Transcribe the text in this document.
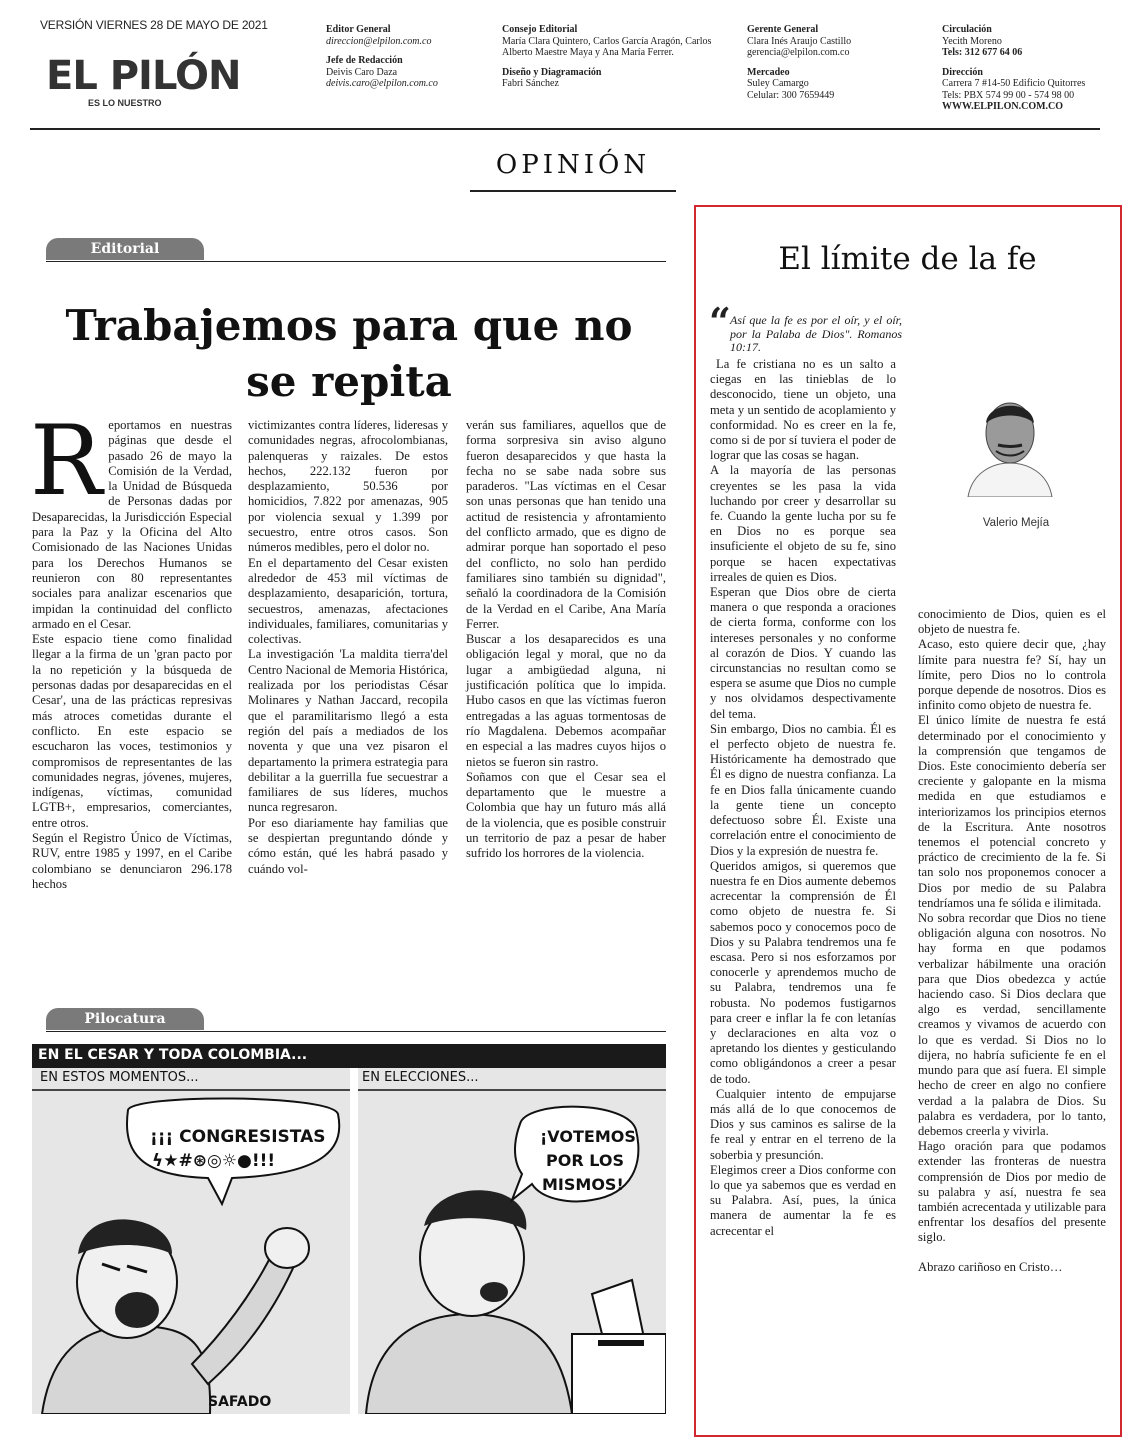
VERSIÓN VIERNES 28 DE MAYO DE 2021
EL PILÓN
ES LO NUESTRO
Editor General
direccion@elpilon.com.co
Jefe de Redacción
Deivis Caro Daza
deivis.caro@elpilon.com.co
Consejo Editorial
María Clara Quintero, Carlos García Aragón, Carlos Alberto Maestre Maya y Ana María Ferrer.
Diseño y Diagramación
Fabri Sánchez
Gerente General
Clara Inés Araujo Castillo
gerencia@elpilon.com.co
Mercadeo
Suley Camargo
Celular: 300 7659449
Circulación
Yecith Moreno
Tels: 312 677 64 06
Dirección
Carrera 7 #14-50 Edificio Quitorres
Tels: PBX 574 99 00 - 574 98 00
WWW.ELPILON.COM.CO
OPINIÓN
Editorial
Trabajemos para que no se repita
R eportamos en nuestras páginas que desde el pasado 26 de mayo la Comisión de la Verdad, la Unidad de Búsqueda de Personas dadas por Desaparecidas, la Jurisdicción Especial para la Paz y la Oficina del Alto Comisionado de las Naciones Unidas para los Derechos Humanos se reunieron con 80 representantes sociales para analizar escenarios que impidan la continuidad del conflicto armado en el Cesar.

Este espacio tiene como finalidad llegar a la firma de un 'gran pacto por la no repetición y la búsqueda de personas dadas por desaparecidas en el Cesar', una de las prácticas represivas más atroces cometidas durante el conflicto. En este espacio se escucharon las voces, testimonios y compromisos de representantes de las comunidades negras, jóvenes, mujeres, indígenas, víctimas, comunidad LGTB+, empresarios, comerciantes, entre otros.

Según el Registro Único de Víctimas, RUV, entre 1985 y 1997, en el Caribe colombiano se denunciaron 296.178 hechos

victimizantes contra líderes, lideresas y comunidades negras, afrocolombianas, palenqueras y raizales. De estos hechos, 222.132 fueron por desplazamiento, 50.536 por homicidios, 7.822 por amenazas, 905 por violencia sexual y 1.399 por secuestro, entre otros casos. Son números medibles, pero el dolor no.

En el departamento del Cesar existen alrededor de 453 mil víctimas de desplazamiento, desaparición, tortura, secuestros, amenazas, afectaciones individuales, familiares, comunitarias y colectivas.

La investigación 'La maldita tierra'del Centro Nacional de Memoria Histórica, realizada por los periodistas César Molinares y Nathan Jaccard, recopila que el paramilitarismo llegó a esta región del país a mediados de los noventa y que una vez pisaron el departamento la primera estrategia para debilitar a la guerrilla fue secuestrar a familiares de sus líderes, muchos nunca regresaron.

Por eso diariamente hay familias que se despiertan preguntando dónde y cómo están, qué les habrá pasado y cuándo vol-

verán sus familiares, aquellos que de forma sorpresiva sin aviso alguno fueron desaparecidos y que hasta la fecha no se sabe nada sobre sus paraderos. "Las víctimas en el Cesar son unas personas que han tenido una actitud de resistencia y afrontamiento del conflicto armado, que es digno de admirar porque han soportado el peso del conflicto, no solo han perdido familiares sino también su dignidad", señaló la coordinadora de la Comisión de la Verdad en el Caribe, Ana María Ferrer.

Buscar a los desaparecidos es una obligación legal y moral, que no da lugar a ambigüedad alguna, ni justificación política que lo impida. Hubo casos en que las víctimas fueron entregadas a las aguas tormentosas de río Magdalena. Debemos acompañar en especial a las madres cuyos hijos o nietos se fueron sin rastro.

Soñamos con que el Cesar sea el departamento que le muestre a Colombia que hay un futuro más allá de la violencia, que es posible construir un territorio de paz a pesar de haber sufrido los horrores de la violencia.

Pilocatura
EN EL CESAR Y TODA COLOMBIA...
EN ESTOS MOMENTOS...	EN ELECCIONES...
¡¡¡ CONGRESISTAS
ϟ★#⊛◎☼●!!!
¡VOTEMOS
POR LOS
MISMOS!
SAFADO
El límite de la fe
“ Así que la fe es por el oír, y el oír, por la Palaba de Dios". Romanos 10:17.
Valerio Mejía

La fe cristiana no es un salto a ciegas en las tinieblas de lo desconocido, tiene un objeto, una meta y un sentido de acoplamiento y conformidad. No es creer en la fe, como si de por sí tuviera el poder de lograr que las cosas se hagan.

A la mayoría de las personas creyentes se les pasa la vida luchando por creer y desarrollar su fe. Cuando la gente lucha por su fe en Dios no es porque sea insuficiente el objeto de su fe, sino porque se hacen expectativas irreales de quien es Dios.

Esperan que Dios obre de cierta manera o que responda a oraciones de cierta forma, conforme con los intereses personales y no conforme al corazón de Dios. Y cuando las circunstancias no resultan como se espera se asume que Dios no cumple y nos olvidamos despectivamente del tema.

Sin embargo, Dios no cambia. Él es el perfecto objeto de nuestra fe. Históricamente ha demostrado que Él es digno de nuestra confianza. La fe en Dios falla únicamente cuando la gente tiene un concepto defectuoso sobre Él. Existe una correlación entre el conocimiento de Dios y la expresión de nuestra fe.

Queridos amigos, si queremos que nuestra fe en Dios aumente debemos acrecentar la comprensión de Él como objeto de nuestra fe. Si sabemos poco y conocemos poco de Dios y su Palabra tendremos una fe escasa. Pero si nos esforzamos por conocerle y aprendemos mucho de su Palabra, tendremos una fe robusta. No podemos fustigarnos para creer e inflar la fe con letanías y declaraciones en alta voz o apretando los dientes y gesticulando como obligándonos a creer a pesar de todo.

Cualquier intento de empujarse más allá de lo que conocemos de Dios y sus caminos es salirse de la fe real y entrar en el terreno de la soberbia y presunción.

Elegimos creer a Dios conforme con lo que ya sabemos que es verdad en su Palabra. Así, pues, la única manera de aumentar la fe es acrecentar el

conocimiento de Dios, quien es el objeto de nuestra fe.

Acaso, esto quiere decir que, ¿hay límite para nuestra fe? Sí, hay un límite, pero Dios no lo controla porque depende de nosotros. Dios es infinito como objeto de nuestra fe.

El único límite de nuestra fe está determinado por el conocimiento y la comprensión que tengamos de Dios. Este conocimiento debería ser creciente y galopante en la misma medida en que estudiamos e interiorizamos los principios eternos de la Escritura. Ante nosotros tenemos el potencial concreto y práctico de crecimiento de la fe. Si tan solo nos proponemos conocer a Dios por medio de su Palabra tendríamos una fe sólida e ilimitada.

No sobra recordar que Dios no tiene obligación alguna con nosotros. No hay forma en que podamos verbalizar hábilmente una oración para que Dios obedezca y actúe haciendo caso. Si Dios declara que algo es verdad, sencillamente creamos y vivamos de acuerdo con lo que es verdad. Si Dios no lo dijera, no habría suficiente fe en el mundo para que así fuera. El simple hecho de creer en algo no confiere verdad a la palabra de Dios. Su palabra es verdadera, por lo tanto, debemos creerla y vivirla.

Hago oración para que podamos extender las fronteras de nuestra comprensión de Dios por medio de su palabra y así, nuestra fe sea también acrecentada y utilizable para enfrentar los desafíos del presente siglo.

Abrazo cariñoso en Cristo…
